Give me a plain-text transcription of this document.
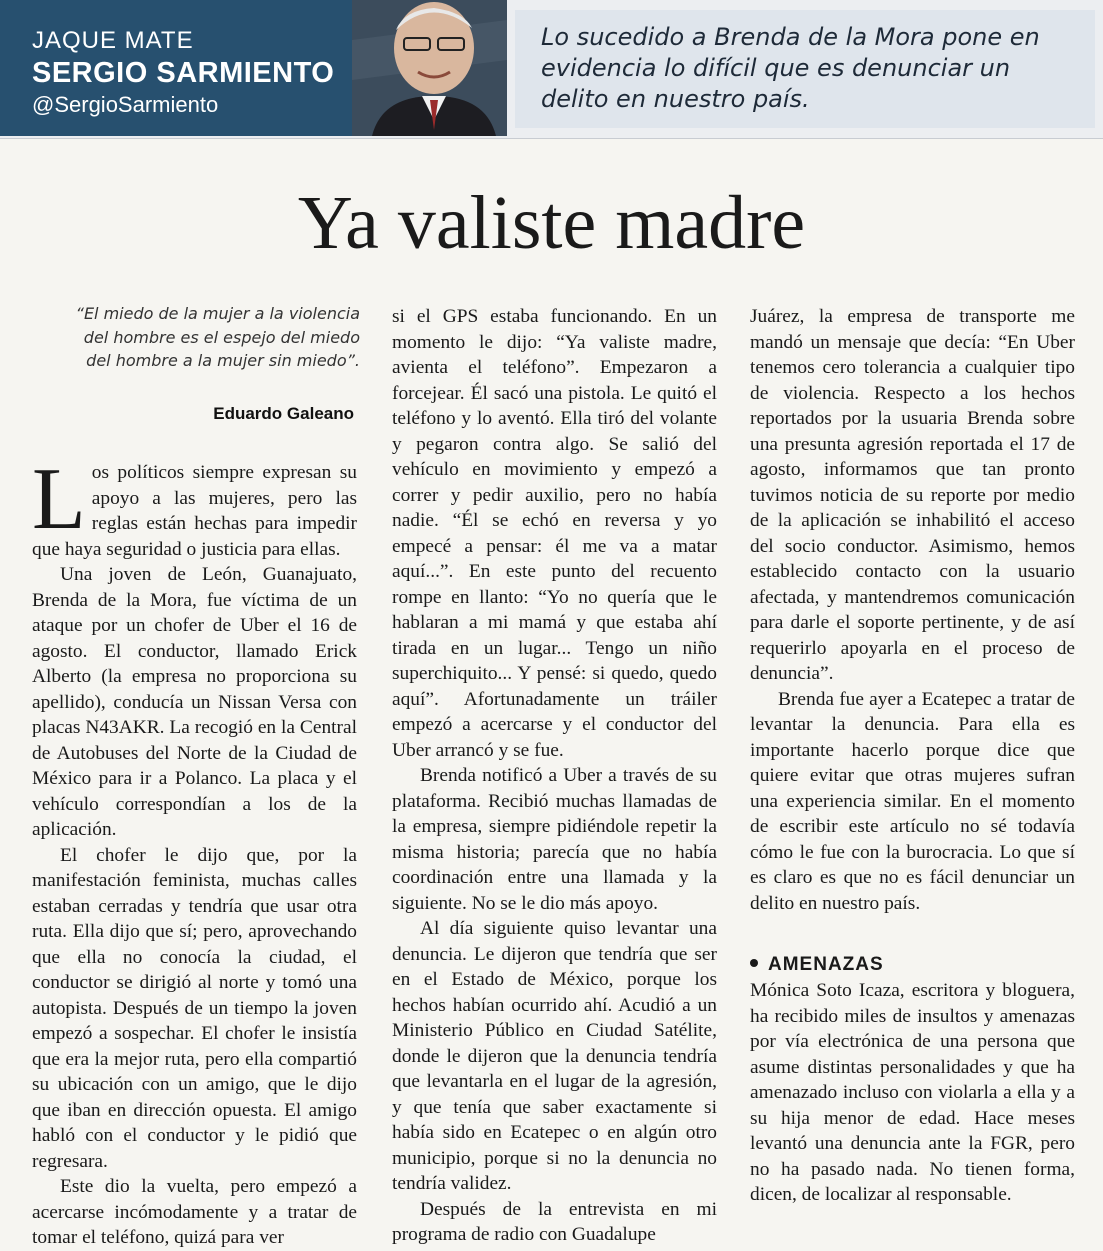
JAQUE MATE
SERGIO SARMIENTO
@SergioSarmiento
Lo sucedido a Brenda de la Mora pone en evidencia lo difícil que es denunciar un delito en nuestro país.
Ya valiste madre
“El miedo de la mujer a la violencia del hombre es el espejo del miedo del hombre a la mujer sin miedo”.
Eduardo Galeano

Los políticos siempre expresan su apoyo a las mujeres, pero las reglas están hechas para impedir que haya seguridad o justicia para ellas.

Una joven de León, Guanajuato, Brenda de la Mora, fue víctima de un ataque por un chofer de Uber el 16 de agosto. El conductor, llamado Erick Alberto (la empresa no proporciona su apellido), conducía un Nissan Versa con placas N43AKR. La recogió en la Central de Autobuses del Norte de la Ciudad de México para ir a Polanco. La placa y el vehículo correspondían a los de la aplicación.

El chofer le dijo que, por la manifestación feminista, muchas calles estaban cerradas y tendría que usar otra ruta. Ella dijo que sí; pero, aprovechando que ella no conocía la ciudad, el conductor se dirigió al norte y tomó una autopista. Después de un tiempo la joven empezó a sospechar. El chofer le insistía que era la mejor ruta, pero ella compartió su ubicación con un amigo, que le dijo que iban en dirección opuesta. El amigo habló con el conductor y le pidió que regresara.

Este dio la vuelta, pero empezó a acercarse incómodamente y a tratar de tomar el teléfono, quizá para ver

si el GPS estaba funcionando. En un momento le dijo: “Ya valiste madre, avienta el teléfono”. Empezaron a forcejear. Él sacó una pistola. Le quitó el teléfono y lo aventó. Ella tiró del volante y pegaron contra algo. Se salió del vehículo en movimiento y empezó a correr y pedir auxilio, pero no había nadie. “Él se echó en reversa y yo empecé a pensar: él me va a matar aquí...”. En este punto del recuento rompe en llanto: “Yo no quería que le hablaran a mi mamá y que estaba ahí tirada en un lugar... Tengo un niño superchiquito... Y pensé: si quedo, quedo aquí”. Afortunadamente un tráiler empezó a acercarse y el conductor del Uber arrancó y se fue.

Brenda notificó a Uber a través de su plataforma. Recibió muchas llamadas de la empresa, siempre pidiéndole repetir la misma historia; parecía que no había coordinación entre una llamada y la siguiente. No se le dio más apoyo.

Al día siguiente quiso levantar una denuncia. Le dijeron que tendría que ser en el Estado de México, porque los hechos habían ocurrido ahí. Acudió a un Ministerio Público en Ciudad Satélite, donde le dijeron que la denuncia tendría que levantarla en el lugar de la agresión, y que tenía que saber exactamente si había sido en Ecatepec o en algún otro municipio, porque si no la denuncia no tendría validez.

Después de la entrevista en mi programa de radio con Guadalupe

Juárez, la empresa de transporte me mandó un mensaje que decía: “En Uber tenemos cero tolerancia a cualquier tipo de violencia. Respecto a los hechos reportados por la usuaria Brenda sobre una presunta agresión reportada el 17 de agosto, informamos que tan pronto tuvimos noticia de su reporte por medio de la aplicación se inhabilitó el acceso del socio conductor. Asimismo, hemos establecido contacto con la usuario afectada, y mantendremos comunicación para darle el soporte pertinente, y de así requerirlo apoyarla en el proceso de denuncia”.

Brenda fue ayer a Ecatepec a tratar de levantar la denuncia. Para ella es importante hacerlo porque dice que quiere evitar que otras mujeres sufran una experiencia similar. En el momento de escribir este artículo no sé todavía cómo le fue con la burocracia. Lo que sí es claro es que no es fácil denunciar un delito en nuestro país.

AMENAZAS

Mónica Soto Icaza, escritora y bloguera, ha recibido miles de insultos y amenazas por vía electrónica de una persona que asume distintas personalidades y que ha amenazado incluso con violarla a ella y a su hija menor de edad. Hace meses levantó una denuncia ante la FGR, pero no ha pasado nada. No tienen forma, dicen, de localizar al responsable.
